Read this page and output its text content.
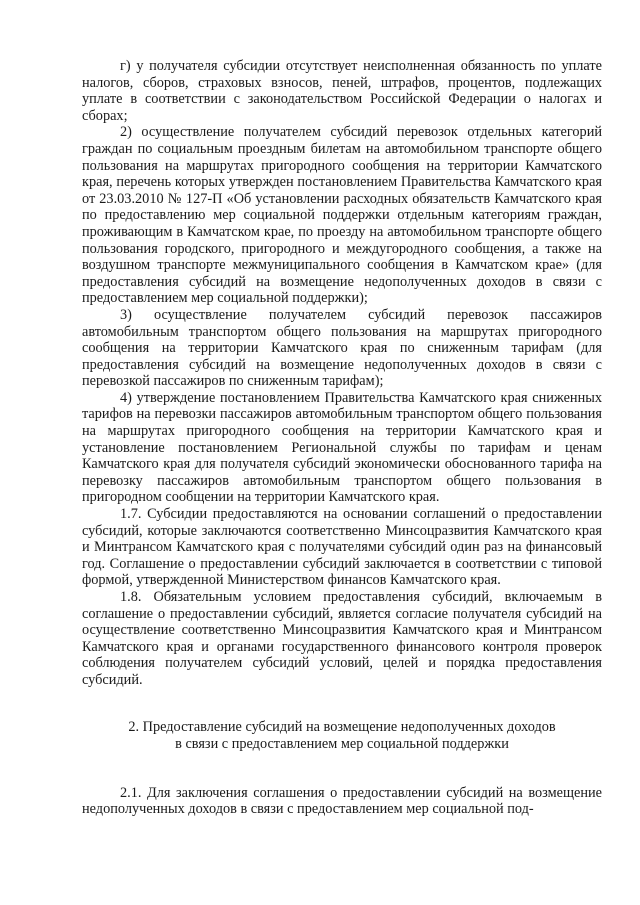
г) у получателя субсидии отсутствует неисполненная обязанность по уплате налогов, сборов, страховых взносов, пеней, штрафов, процентов, подлежащих уплате в соответствии с законодательством Российской Федерации о налогах и сборах;

2) осуществление получателем субсидий перевозок отдельных категорий граждан по социальным проездным билетам на автомобильном транспорте общего пользования на маршрутах пригородного сообщения на территории Камчатского края, перечень которых утвержден постановлением Правительства Камчатского края от 23.03.2010 № 127-П «Об установлении расходных обязательств Камчатского края по предоставлению мер социальной поддержки отдельным категориям граждан, проживающим в Камчатском крае, по проезду на автомобильном транспорте общего пользования городского, пригородного и междугородного сообщения, а также на воздушном транспорте межмуниципального сообщения в Камчатском крае» (для предоставления субсидий на возмещение недополученных доходов в связи с предоставлением мер социальной поддержки);

3) осуществление получателем субсидий перевозок пассажиров автомобильным транспортом общего пользования на маршрутах пригородного сообщения на территории Камчатского края по сниженным тарифам (для предоставления субсидий на возмещение недополученных доходов в связи с перевозкой пассажиров по сниженным тарифам);

4) утверждение постановлением Правительства Камчатского края сниженных тарифов на перевозки пассажиров автомобильным транспортом общего пользования на маршрутах пригородного сообщения на территории Камчатского края и установление постановлением Региональной службы по тарифам и ценам Камчатского края для получателя субсидий экономически обоснованного тарифа на перевозку пассажиров автомобильным транспортом общего пользования в пригородном сообщении на территории Камчатского края.

1.7. Субсидии предоставляются на основании соглашений о предоставлении субсидий, которые заключаются соответственно Минсоцразвития Камчатского края и Минтрансом Камчатского края с получателями субсидий один раз на финансовый год. Соглашение о предоставлении субсидий заключается в соответствии с типовой формой, утвержденной Министерством финансов Камчатского края.

1.8. Обязательным условием предоставления субсидий, включаемым в соглашение о предоставлении субсидий, является согласие получателя субсидий на осуществление соответственно Минсоцразвития Камчатского края и Минтрансом Камчатского края и органами государственного финансового контроля проверок соблюдения получателем субсидий условий, целей и порядка предоставления субсидий.

2. Предоставление субсидий на возмещение недополученных доходов
в связи с предоставлением мер социальной поддержки

2.1. Для заключения соглашения о предоставлении субсидий на возмещение недополученных доходов в связи с предоставлением мер социальной под-
